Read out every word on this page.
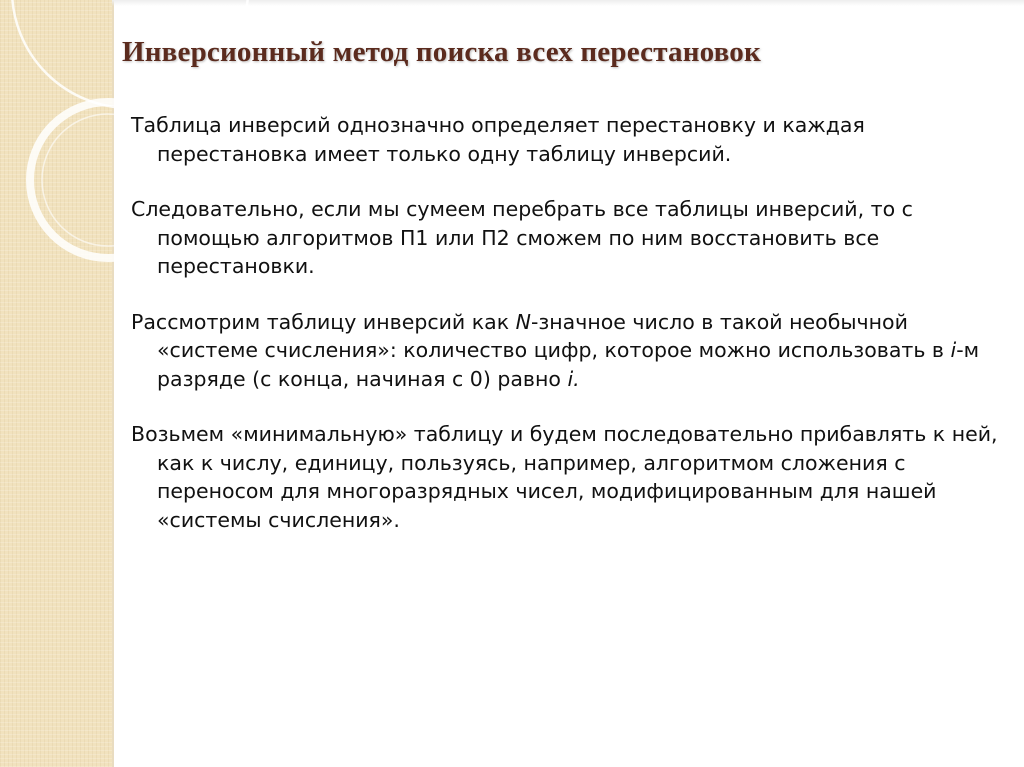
Инверсионный метод поиска всех перестановок

Таблица инверсий однозначно определяет перестановку и каждая перестановка имеет только одну таблицу инверсий.

Следовательно, если мы сумеем перебрать все таблицы инверсий, то с помощью алгоритмов П1 или П2 сможем по ним восстановить все перестановки.

Рассмотрим таблицу инверсий как N-значное число в такой необычной «системе счисления»: количество цифр, которое можно использовать в i-м разряде (с конца, начиная с 0) равно i.

Возьмем «минимальную» таблицу и будем последовательно прибавлять к ней, как к числу, единицу, пользуясь, например, алгоритмом сложения с переносом для многоразрядных чисел, модифицированным для нашей «системы счисления».
